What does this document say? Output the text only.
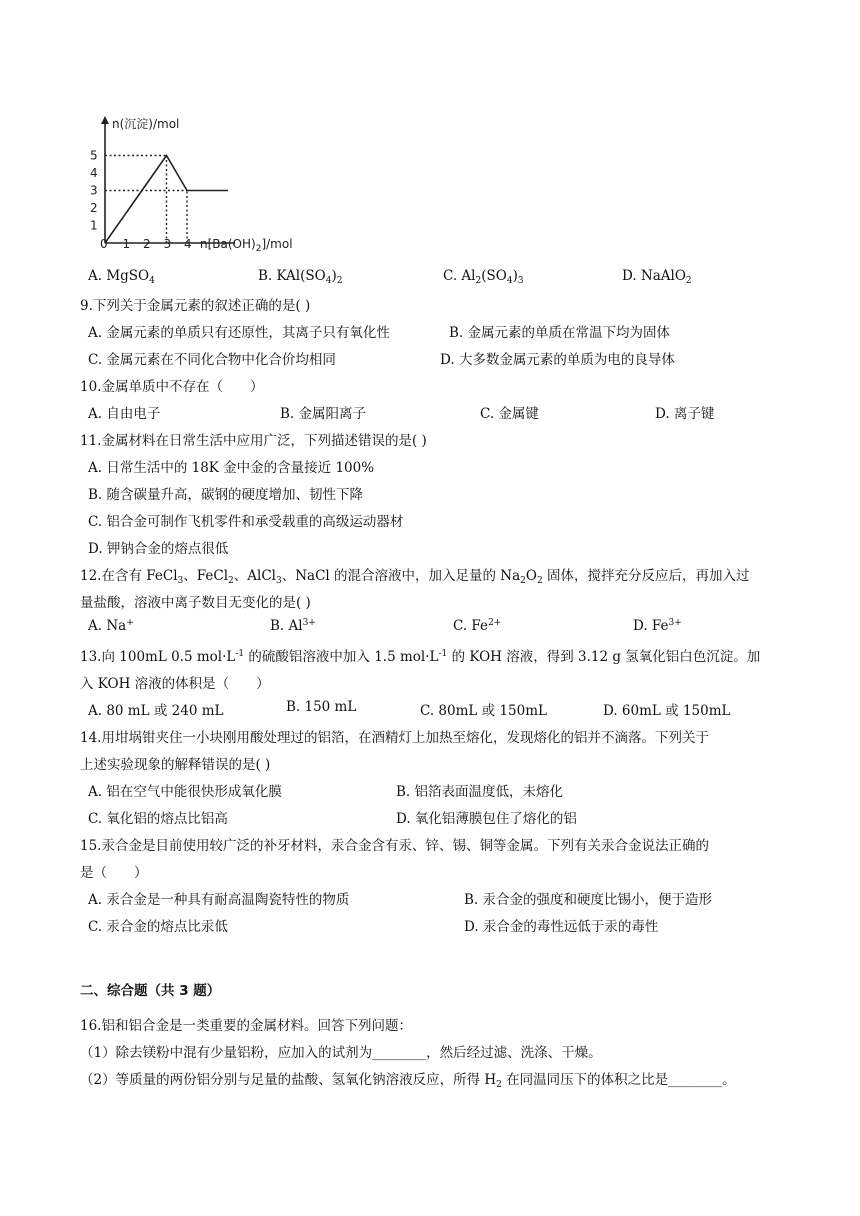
n(沉淀)/mol
1
2
3
4
5
1 2 3 4
0	$n[Ba(OH)_2]$/mol
A. MgSO$_4$	B. $KAl(SO_4)_2$	C. $Al_2(SO_4)_3$	D. NaAlO$_2$
9.下列关于金属元素的叙述正确的是( )
A. 金属元素的单质只有还原性，其离子只有氧化性	B. 金属元素的单质在常温下均为固体
C. 金属元素在不同化合物中化合价均相同	D. 大多数金属元素的单质为电的良导体
10.金属单质中不存在（　　）
A. 自由电子	B. 金属阳离子	C. 金属键	D. 离子键
11.金属材料在日常生活中应用广泛，下列描述错误的是( )
A. 日常生活中的 18K 金中金的含量接近 100%
B. 随含碳量升高，碳钢的硬度增加、韧性下降
C. 铝合金可制作飞机零件和承受载重的高级运动器材
D. 钾钠合金的熔点很低
12.在含有 FeCl$_3$、FeCl$_2$、AlCl$_3$、NaCl 的混合溶液中，加入足量的 $Na_2O_2$ 固体，搅拌充分反应后，再加入过
量盐酸，溶液中离子数目无变化的是( )
A. Na+	B. $Al^{3+}$	C. $Fe^{2+}$	D. $Fe^{3+}$
13.向 100mL 0.5 $mol\cdot L^{-1}$ 的硫酸铝溶液中加入 1.5 $mol\cdot L^{-1}$ 的 KOH 溶液，得到 3.12 g 氢氧化铝白色沉淀。加
入 KOH 溶液的体积是（　　）
A. 80 mL 或 240 mL	B. 150 mL	C. 80mL 或 150mL	D. 60mL 或 150mL
14.用坩埚钳夹住一小块刚用酸处理过的铝箔，在酒精灯上加热至熔化，发现熔化的铝并不滴落。下列关于
上述实验现象的解释错误的是( )
A. 铝在空气中能很快形成氧化膜	B. 铝箔表面温度低，未熔化
C. 氧化铝的熔点比铝高	D. 氧化铝薄膜包住了熔化的铝
15.汞合金是目前使用较广泛的补牙材料，汞合金含有汞、锌、锡、铜等金属。下列有关汞合金说法正确的
是（　　）
A. 汞合金是一种具有耐高温陶瓷特性的物质	B. 汞合金的强度和硬度比锡小，便于造形
C. 汞合金的熔点比汞低	D. 汞合金的毒性远低于汞的毒性
二、综合题（共 3 题）
16.铝和铝合金是一类重要的金属材料。回答下列问题：
（1）除去镁粉中混有少量铝粉，应加入的试剂为________，然后经过滤、洗涤、干燥。
（2）等质量的两份铝分别与足量的盐酸、氢氧化钠溶液反应，所得 $H_2$ 在同温同压下的体积之比是________。
